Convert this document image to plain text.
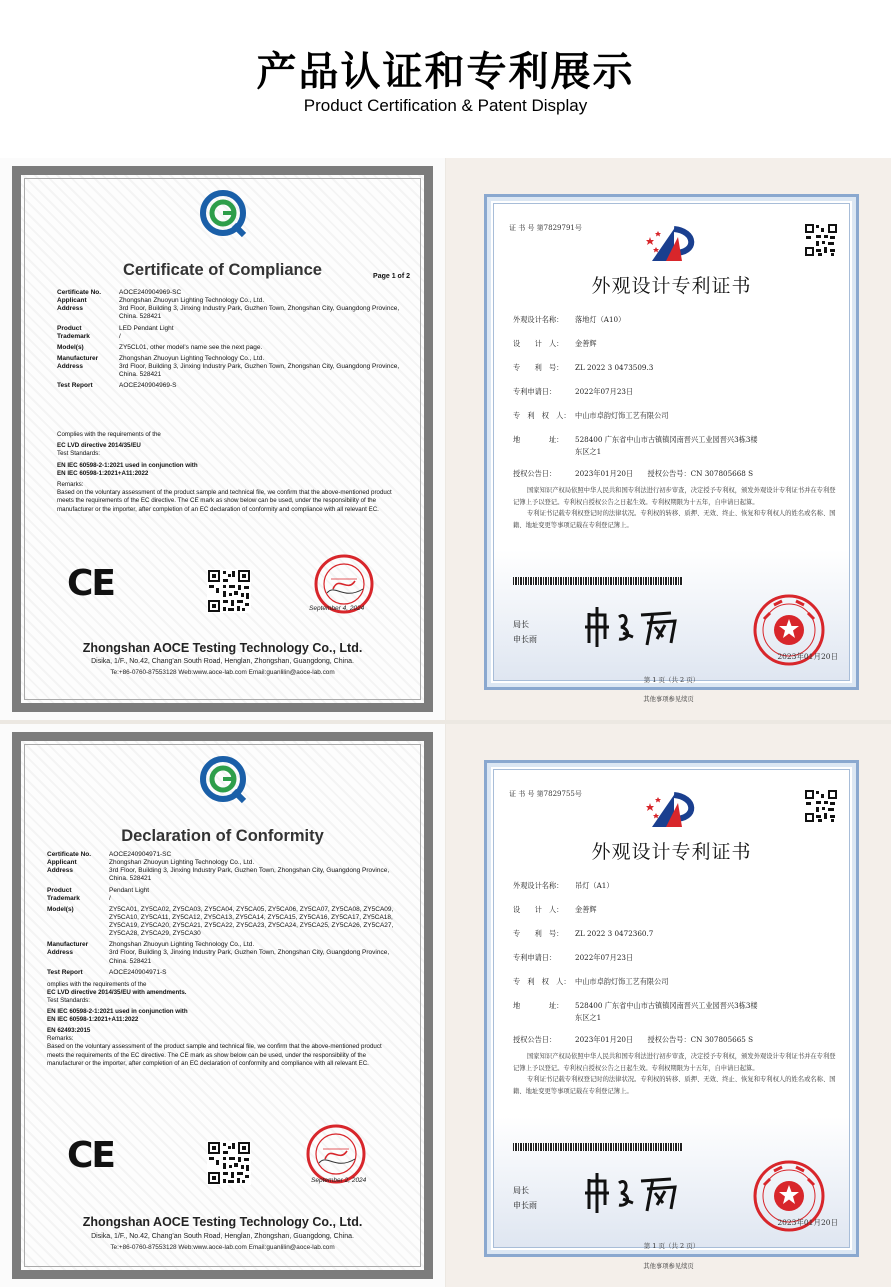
产品认证和专利展示
Product Certification & Patent Display
Certificate of Compliance	Page 1 of 2
Certificate No.	AOCE240904969-SC
Applicant	Zhongshan Zhuoyun Lighting Technology Co., Ltd.
Address	3rd Floor, Building 3, Jinxing Industry Park, Guzhen Town, Zhongshan City, Guangdong Province, China. 528421
Product	LED Pendant Light
Trademark	/
Model(s)	ZY5CL01, other model's name see the next page.
Manufacturer	Zhongshan Zhuoyun Lighting Technology Co., Ltd.
Address	3rd Floor, Building 3, Jinxing Industry Park, Guzhen Town, Zhongshan City, Guangdong Province, China. 528421
Test Report	AOCE240904969-S
Complies with the requirements of the
EC LVD directive 2014/35/EU
Test Standards:
EN IEC 60598-2-1:2021 used in conjunction with
EN IEC 60598-1:2021+A11:2022
Remarks:
Based on the voluntary assessment of the product sample and technical file, we confirm that the above-mentioned product meets the requirements of the EC directive. The CE mark as show below can be used, under the responsibility of the manufacturer or the importer, after completion of an EC declaration of conformity and compliance with all relevant EC.
CE
September 4, 2024
Zhongshan AOCE Testing Technology Co., Ltd.
Disika, 1/F., No.42, Chang'an South Road, Henglan, Zhongshan, Guangdong, China.
Te:+86-0760-87553128 Web:www.aoce-lab.com Email:guanlilin@aoce-lab.com
证 书 号 第7829791号
外观设计专利证书
外观设计名称： 落地灯（A10）
设　　计　人： 金善辉
专　　利　号： ZL 2022 3 0473509.3
专利申请日：	2022年07月23日
专　利　权　人： 中山市卓韵灯饰工艺有限公司
地　　　　址： 528400 广东省中山市古镇镇冈南晋兴工业园晋兴3栋3楼
东区之1
授权公告日：	2023年01月20日　　授权公告号：CN 307805668 S
国家知识产权局依照中华人民共和国专利法进行初步审查，决定授予专利权，颁发外观设计专利证书并在专利登记簿上予以登记。专利权自授权公告之日起生效。专利权期限为十五年，自申请日起算。
专利证书记载专利权登记时的法律状况。专利权的转移、质押、无效、终止、恢复和专利权人的姓名或名称、国籍、地址变更等事项记载在专利登记簿上。
局长
申长雨
2023年01月20日
第 1 页（共 2 页）
其他事项参见续页
Declaration of Conformity
Certificate No.	AOCE240904971-SC
Applicant	Zhongshan Zhuoyun Lighting Technology Co., Ltd.
Address	3rd Floor, Building 3, Jinxing Industry Park, Guzhen Town, Zhongshan City, Guangdong Province, China. 528421
Product	Pendant Light
Trademark	/
Model(s)	ZY5CA01, ZY5CA02, ZY5CA03, ZY5CA04, ZY5CA05, ZY5CA06, ZY5CA07, ZY5CA08, ZY5CA09, ZY5CA10, ZY5CA11, ZY5CA12, ZY5CA13, ZY5CA14, ZY5CA15, ZY5CA16, ZY5CA17, ZY5CA18, ZY5CA19, ZY5CA20, ZY5CA21, ZY5CA22, ZY5CA23, ZY5CA24, ZY5CA25, ZY5CA26, ZY5CA27, ZY5CA28, ZY5CA29, ZY5CA30
Manufacturer	Zhongshan Zhuoyun Lighting Technology Co., Ltd.
Address	3rd Floor, Building 3, Jinxing Industry Park, Guzhen Town, Zhongshan City, Guangdong Province, China. 528421
Test Report	AOCE240904971-S
omplies with the requirements of the
EC LVD directive 2014/35/EU with amendments.
Test Standards:
EN IEC 60598-2-1:2021 used in conjunction with
EN IEC 60598-1:2021+A11:2022
EN 62493:2015
Remarks:
Based on the voluntary assessment of the product sample and technical file, we confirm that the above-mentioned product meets the requirements of the EC directive. The CE mark as show below can be used, under the responsibility of the manufacturer or the importer, after completion of an EC declaration of conformity and compliance with all relevant EC.
CE
September 2, 2024
Zhongshan AOCE Testing Technology Co., Ltd.
Disika, 1/F., No.42, Chang'an South Road, Henglan, Zhongshan, Guangdong, China.
Te:+86-0760-87553128 Web:www.aoce-lab.com Email:guanlilin@aoce-lab.com
证 书 号 第7829755号
外观设计专利证书
外观设计名称： 吊灯（A1）
设　　计　人： 金善辉
专　　利　号： ZL 2022 3 0472360.7
专利申请日：	2022年07月23日
专　利　权　人： 中山市卓韵灯饰工艺有限公司
地　　　　址： 528400 广东省中山市古镇镇冈南晋兴工业园晋兴3栋3楼
东区之1
授权公告日：	2023年01月20日　　授权公告号：CN 307805665 S
国家知识产权局依照中华人民共和国专利法进行初步审查，决定授予专利权，颁发外观设计专利证书并在专利登记簿上予以登记。专利权自授权公告之日起生效。专利权期限为十五年，自申请日起算。
专利证书记载专利权登记时的法律状况。专利权的转移、质押、无效、终止、恢复和专利权人的姓名或名称、国籍、地址变更等事项记载在专利登记簿上。
局长
申长雨
2023年01月20日
第 1 页（共 2 页）
其他事项参见续页
